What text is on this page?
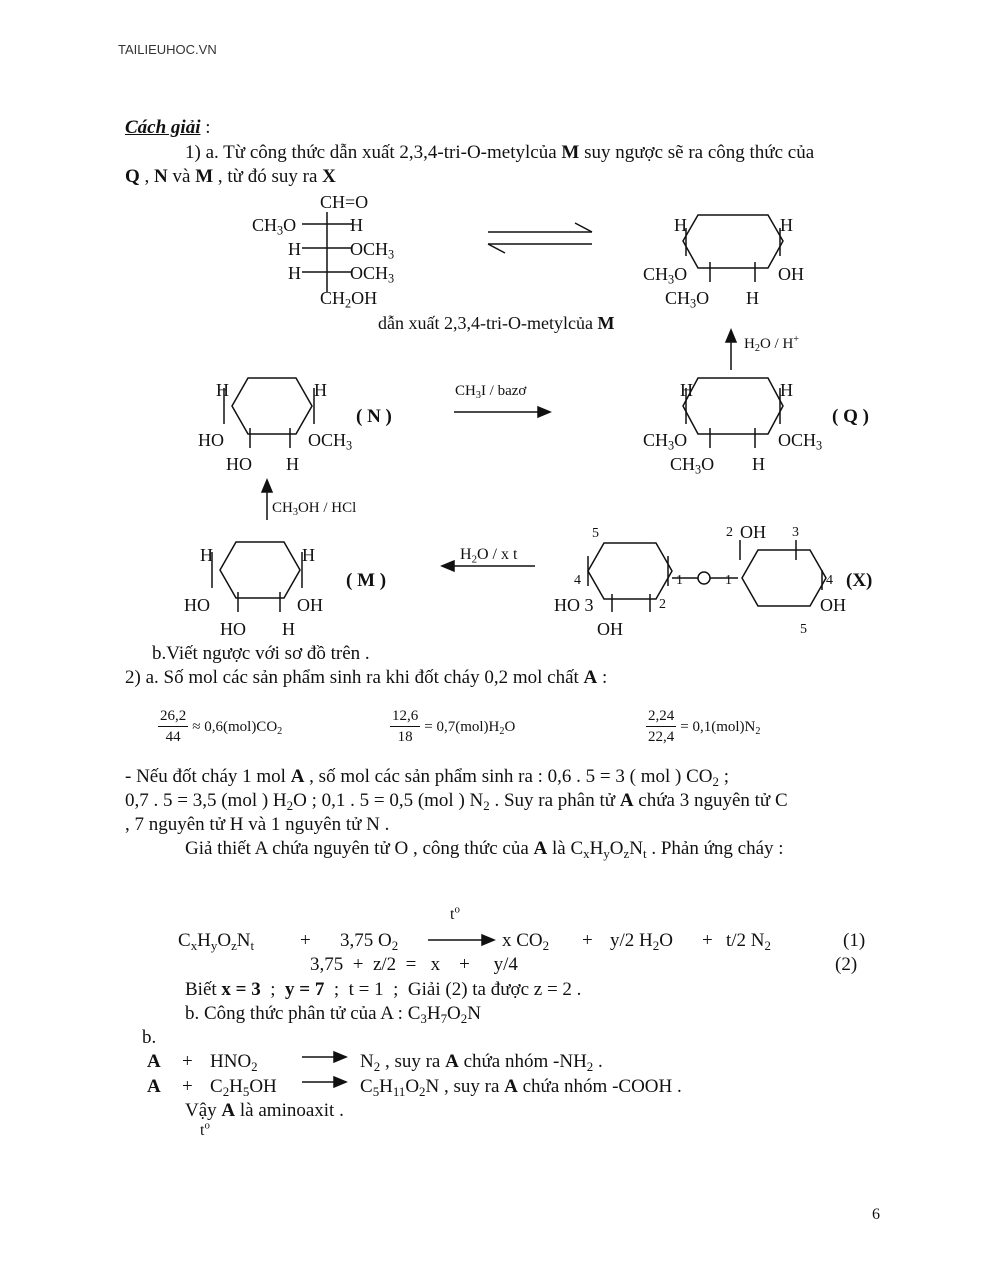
TAILIEUHOC.VN
Cách giải :
1) a. Từ công thức dẫn xuất 2,3,4-tri-O-metylcủa M suy ngược sẽ ra công thức của
Q , N và M , từ đó suy ra X
CH=O
$CH_3O$	H
H	$OCH_3$
H	$OCH_3$
$CH_2OH$
dẫn xuất 2,3,4-tri-O-metylcủa M
H	H
$CH_3O$	OH
$CH_3O$ H
$H_2O / H^+$
H	H
( N )
HO	$OCH_3$
HO H
$CH_3I$ / bazơ	H	H
( Q )
$CH_3O$	$OCH_3$
$CH_3O$ H
$CH_3OH$ / HCl
H	H
( M )
HO	OH
HO H
$H_2O$ / x t
5
4
HO 3	2
1
OH
1
2 OH 3
4 (X)
OH
5
b.Viết ngược với sơ đồ trên .
2) a. Số mol các sản phẩm sinh ra khi đốt cháy 0,2 mol chất A :
$\frac{26,2}{44} \approx 0,6(mol)CO_2$	$\frac{12,6}{18} = 0,7(mol)H_2O$	$\frac{2,24}{22,4} = 0,1(mol)N_2$
- Nếu đốt cháy 1 mol A , số mol các sản phẩm sinh ra : 0,6 . 5 = 3 ( mol ) $CO_2$ ;
0,7 . 5 = 3,5 (mol ) $H_2O$ ; 0,1 . 5 = 0,5 (mol ) $N_2$ . Suy ra phân tử A chứa 3 nguyên tử C
, 7 nguyên tử H và 1 nguyên tử N .
Giả thiết A chứa nguyên tử O , công thức của A là $C_xH_yO_zN_t$ . Phản ứng cháy :
$t^o$
$C_xH_yO_zN_t + 3,75$ $O_2$	x $CO_2 + y/2$ $H_2O + t/2$ $N_2$	(1)
3,75  +  z/2  =   x    +     y/4	(2)
Biết x = 3  ;  y = 7  ;  t = 1  ;  Giải (2) ta được z = 2 .
b. Công thức phân tử của A : $C_3H_7O_2N$
b.
$A + HNO_2$	$N_2$ , suy ra A chứa nhóm $-NH_2$ .
$A + C_2H_5OH$	$C_5H_{11}O_2N$ , suy ra A chứa nhóm -COOH .
Vậy A là aminoaxit .
$t^o$
6
